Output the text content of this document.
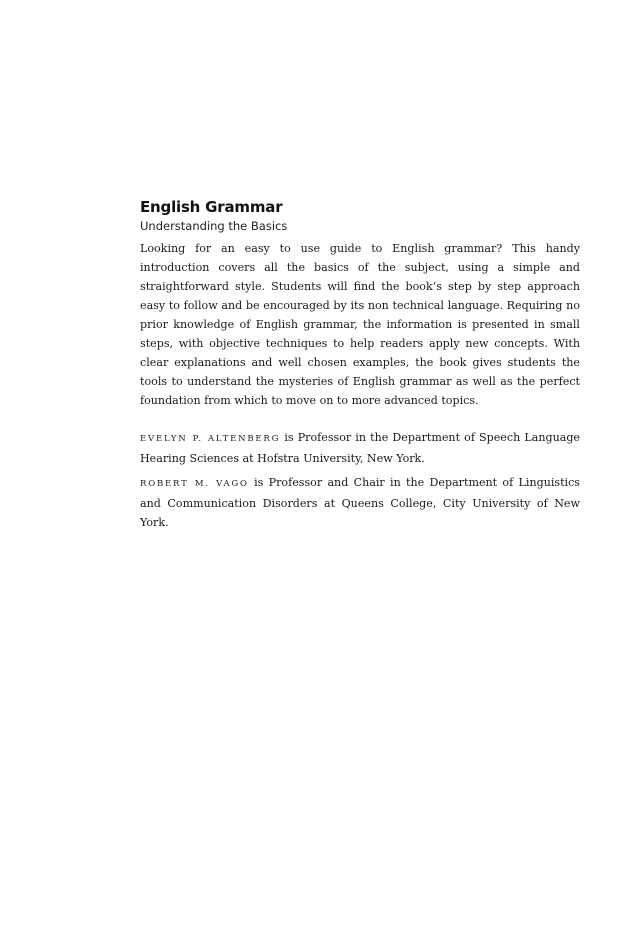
English Grammar
Understanding the Basics

Looking for an easy to use guide to English grammar? This handy introduction covers all the basics of the subject, using a simple and straightforward style. Students will find the book’s step by step approach easy to follow and be encouraged by its non technical language. Requiring no prior knowledge of English grammar, the information is presented in small steps, with objective techniques to help readers apply new concepts. With clear explanations and well chosen examples, the book gives students the tools to understand the mysteries of English grammar as well as the perfect foundation from which to move on to more advanced topics.

EVELYN P. ALTENBERG is Professor in the Department of Speech Language Hearing Sciences at Hofstra University, New York.

ROBERT M. VAGO is Professor and Chair in the Department of Linguistics and Communication Disorders at Queens College, City University of New York.
